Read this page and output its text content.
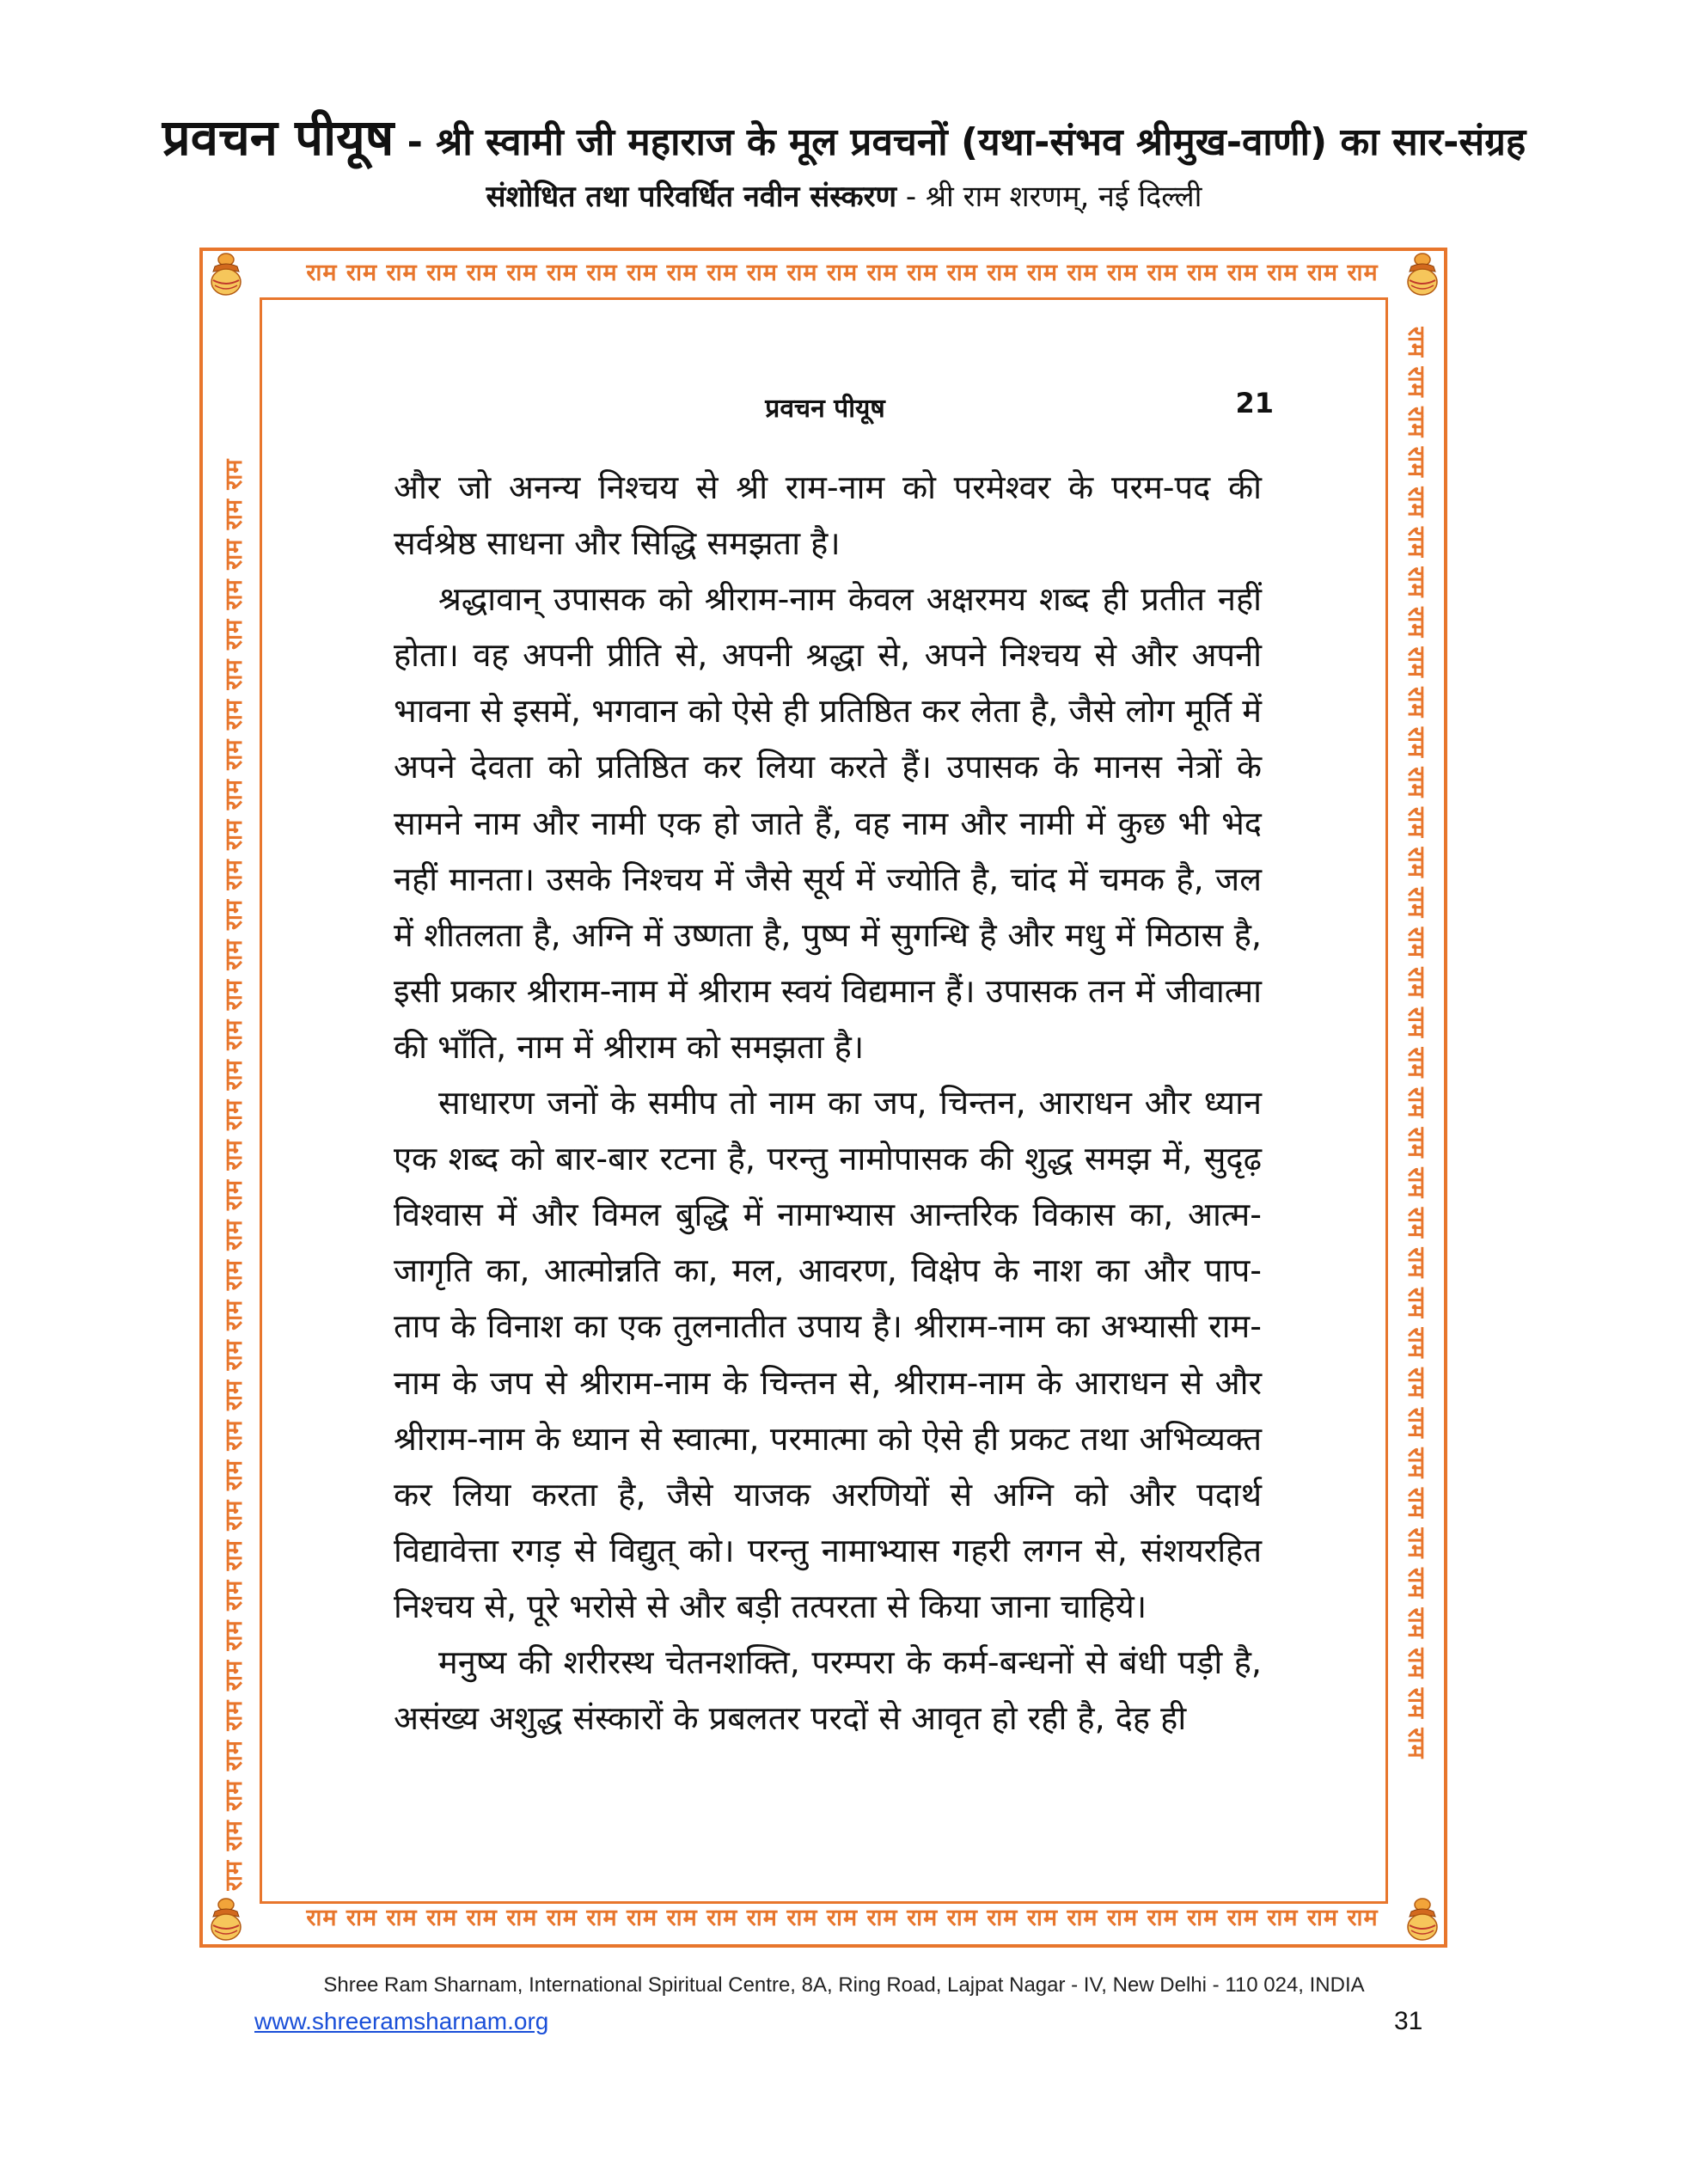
प्रवचन पीयूष - श्री स्वामी जी महाराज के मूल प्रवचनों (यथा-संभव श्रीमुख-वाणी) का सार-संग्रह
संशोधित तथा परिवर्धित नवीन संस्करण - श्री राम शरणम्, नई दिल्ली
राम राम राम राम राम राम राम राम राम राम राम राम राम राम राम राम राम राम राम राम राम राम राम राम राम राम राम
राम राम राम राम राम राम राम राम राम राम राम राम राम राम राम राम राम राम राम राम राम राम राम राम राम राम राम
राम राम राम राम राम राम राम राम राम राम राम राम राम राम राम राम राम राम राम राम राम राम राम राम राम राम राम राम राम राम राम राम राम राम राम राम	राम राम राम राम राम राम राम राम राम राम राम राम राम राम राम राम राम राम राम राम राम राम राम राम राम राम राम राम राम राम राम राम राम राम राम राम
प्रवचन पीयूष	21

और जो अनन्य निश्चय से श्री राम-नाम को परमेश्वर के परम-पद की सर्वश्रेष्ठ साधना और सिद्धि समझता है।

श्रद्धावान् उपासक को श्रीराम-नाम केवल अक्षरमय शब्द ही प्रतीत नहीं होता। वह अपनी प्रीति से, अपनी श्रद्धा से, अपने निश्चय से और अपनी भावना से इसमें, भगवान को ऐसे ही प्रतिष्ठित कर लेता है, जैसे लोग मूर्ति में अपने देवता को प्रतिष्ठित कर लिया करते हैं। उपासक के मानस नेत्रों के सामने नाम और नामी एक हो जाते हैं, वह नाम और नामी में कुछ भी भेद नहीं मानता। उसके निश्चय में जैसे सूर्य में ज्योति है, चांद में चमक है, जल में शीतलता है, अग्नि में उष्णता है, पुष्प में सुगन्धि है और मधु में मिठास है, इसी प्रकार श्रीराम-नाम में श्रीराम स्वयं विद्यमान हैं। उपासक तन में जीवात्मा की भाँति, नाम में श्रीराम को समझता है।

साधारण जनों के समीप तो नाम का जप, चिन्तन, आराधन और ध्यान एक शब्द को बार-बार रटना है, परन्तु नामोपासक की शुद्ध समझ में, सुदृढ़ विश्वास में और विमल बुद्धि में नामाभ्यास आन्तरिक विकास का, आत्म-जागृति का, आत्मोन्नति का, मल, आवरण, विक्षेप के नाश का और पाप-ताप के विनाश का एक तुलनातीत उपाय है। श्रीराम-नाम का अभ्यासी राम-नाम के जप से श्रीराम-नाम के चिन्तन से, श्रीराम-नाम के आराधन से और श्रीराम-नाम के ध्यान से स्वात्मा, परमात्मा को ऐसे ही प्रकट तथा अभिव्यक्त कर लिया करता है, जैसे याजक अरणियों से अग्नि को और पदार्थ विद्यावेत्ता रगड़ से विद्युत् को। परन्तु नामाभ्यास गहरी लगन से, संशयरहित निश्चय से, पूरे भरोसे से और बड़ी तत्परता से किया जाना चाहिये।

मनुष्य की शरीरस्थ चेतनशक्ति, परम्परा के कर्म-बन्धनों से बंधी पड़ी है, असंख्य अशुद्ध संस्कारों के प्रबलतर परदों से आवृत हो रही है, देह ही

Shree Ram Sharnam, International Spiritual Centre, 8A, Ring Road, Lajpat Nagar - IV, New Delhi - 110 024, INDIA
www.shreeramsharnam.org	31
